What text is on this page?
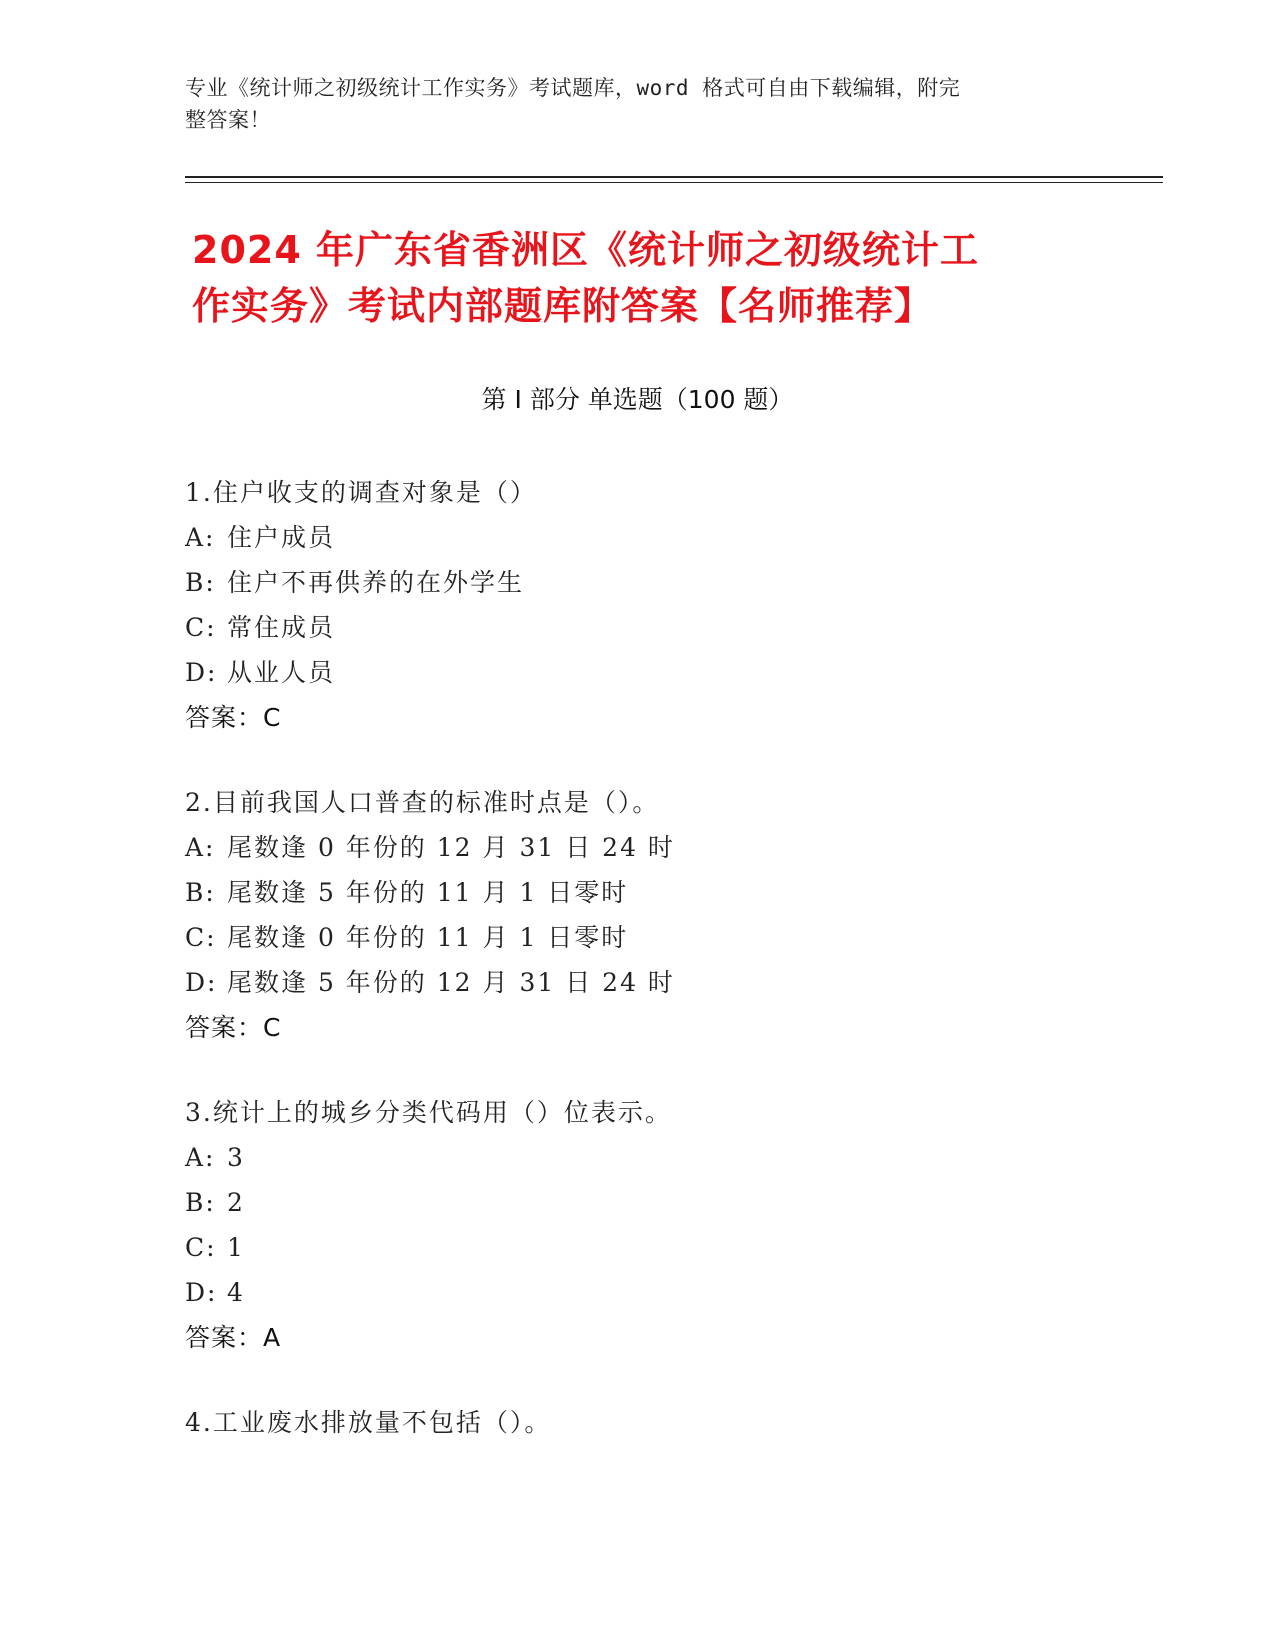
专业《统计师之初级统计工作实务》考试题库，word 格式可自由下载编辑，附完
整答案！
2024 年广东省香洲区《统计师之初级统计工
作实务》考试内部题库附答案【名师推荐】
第 I 部分 单选题（100 题）
1.住户收支的调查对象是（）
A: 住户成员
B: 住户不再供养的在外学生
C: 常住成员
D: 从业人员
答案：C
2.目前我国人口普查的标准时点是（）。
A: 尾数逢 0 年份的 12 月 31 日 24 时
B: 尾数逢 5 年份的 11 月 1 日零时
C: 尾数逢 0 年份的 11 月 1 日零时
D: 尾数逢 5 年份的 12 月 31 日 24 时
答案：C
3.统计上的城乡分类代码用（）位表示。
A: 3
B: 2
C: 1
D: 4
答案：A
4.工业废水排放量不包括（）。
